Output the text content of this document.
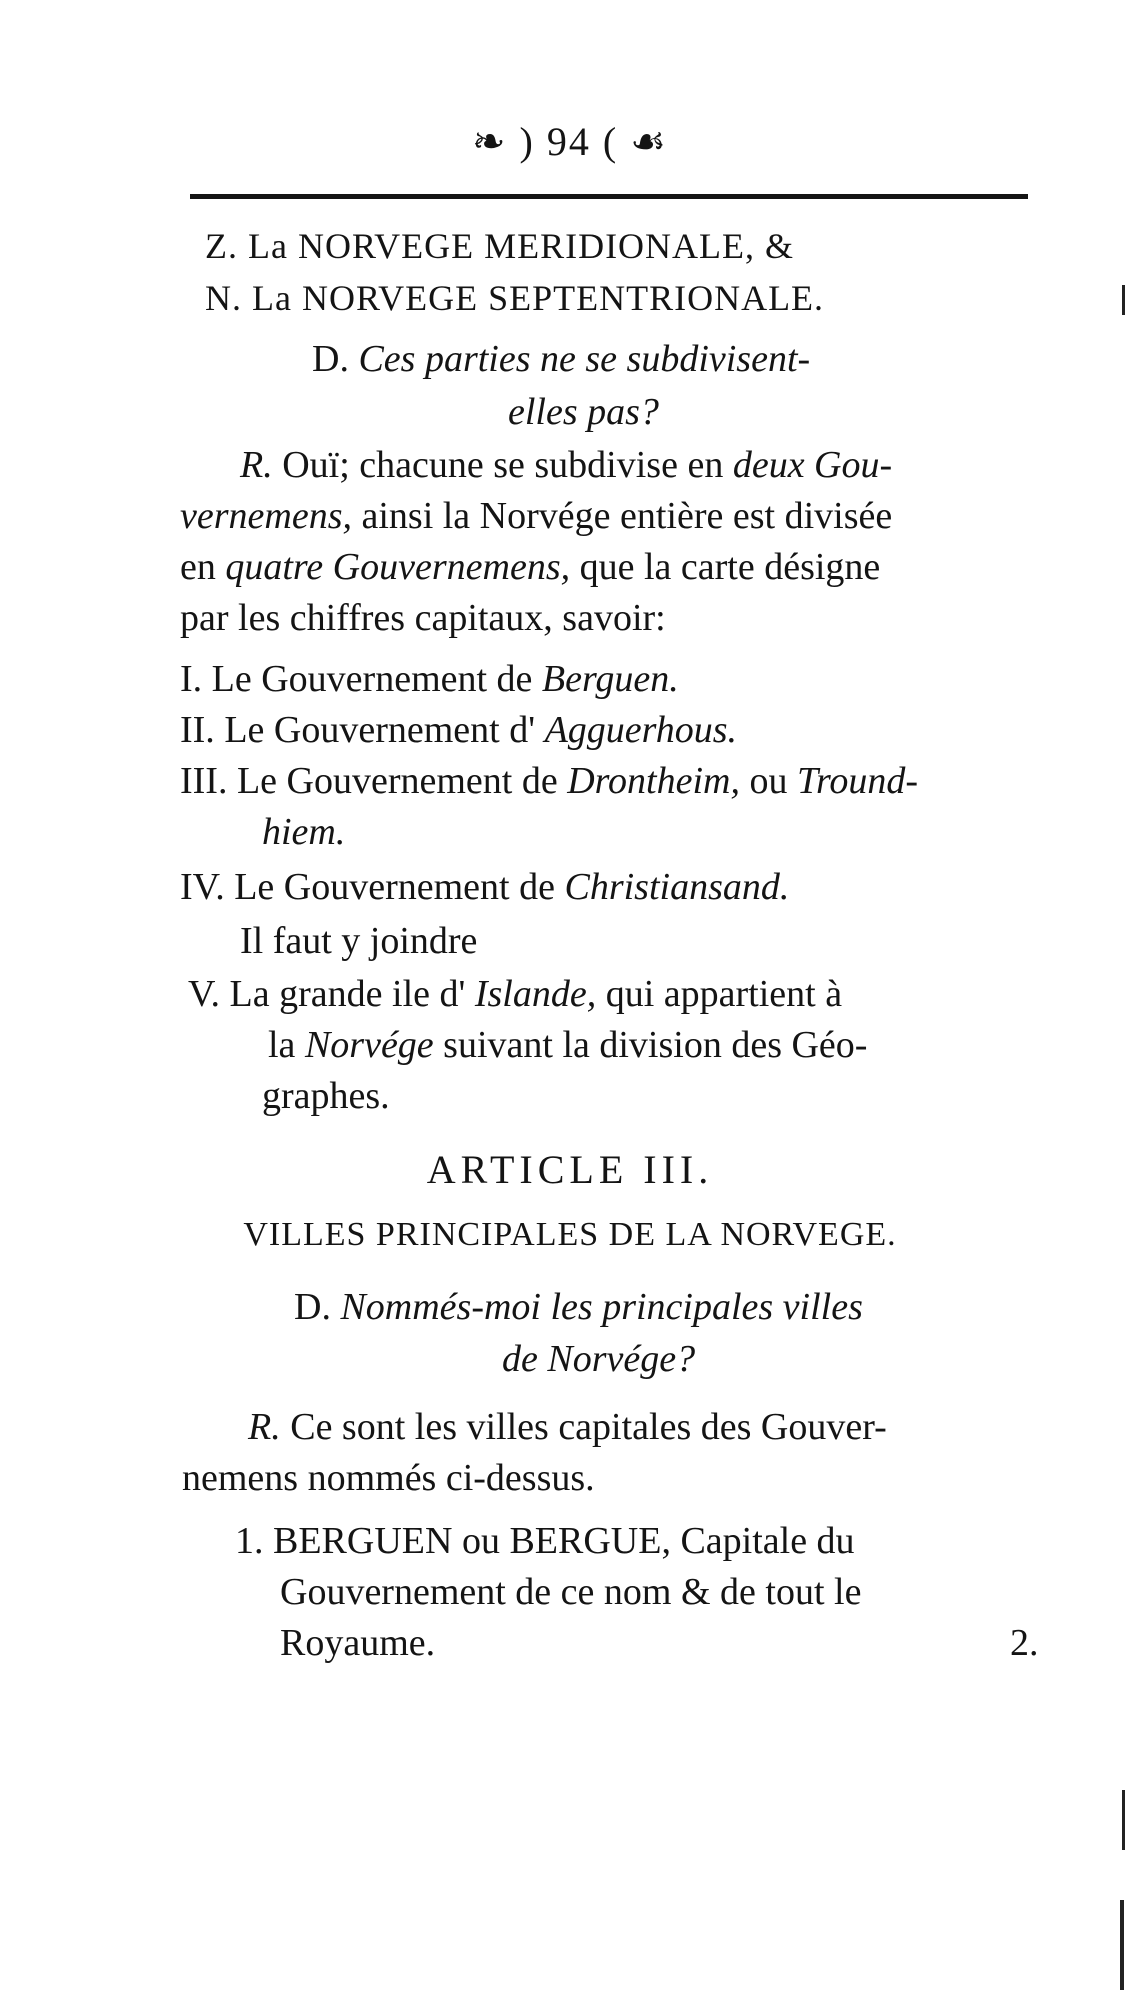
❧ ) 94 ( ☙
Z. La NORVEGE MERIDIONALE, &
N. La NORVEGE SEPTENTRIONALE.
D. Ces parties ne se subdivisent-
elles pas?
R. Ouï; chacune se subdivise en deux Gou-
vernemens, ainsi la Norvége entière est divisée
en quatre Gouvernemens, que la carte désigne
par les chiffres capitaux, savoir:
I. Le Gouvernement de Berguen.
II. Le Gouvernement d' Agguerhous.
III. Le Gouvernement de Drontheim, ou Tround-
hiem.
IV. Le Gouvernement de Christiansand.
Il faut y joindre
V. La grande ile d' Islande, qui appartient à
la Norvége suivant la division des Géo-
graphes.
ARTICLE III.
VILLES PRINCIPALES DE LA NORVEGE.
D. Nommés-moi les principales villes
de Norvége?
R. Ce sont les villes capitales des Gouver-
nemens nommés ci-dessus.
1. BERGUEN ou BERGUE, Capitale du
Gouvernement de ce nom & de tout le
Royaume.	2.
